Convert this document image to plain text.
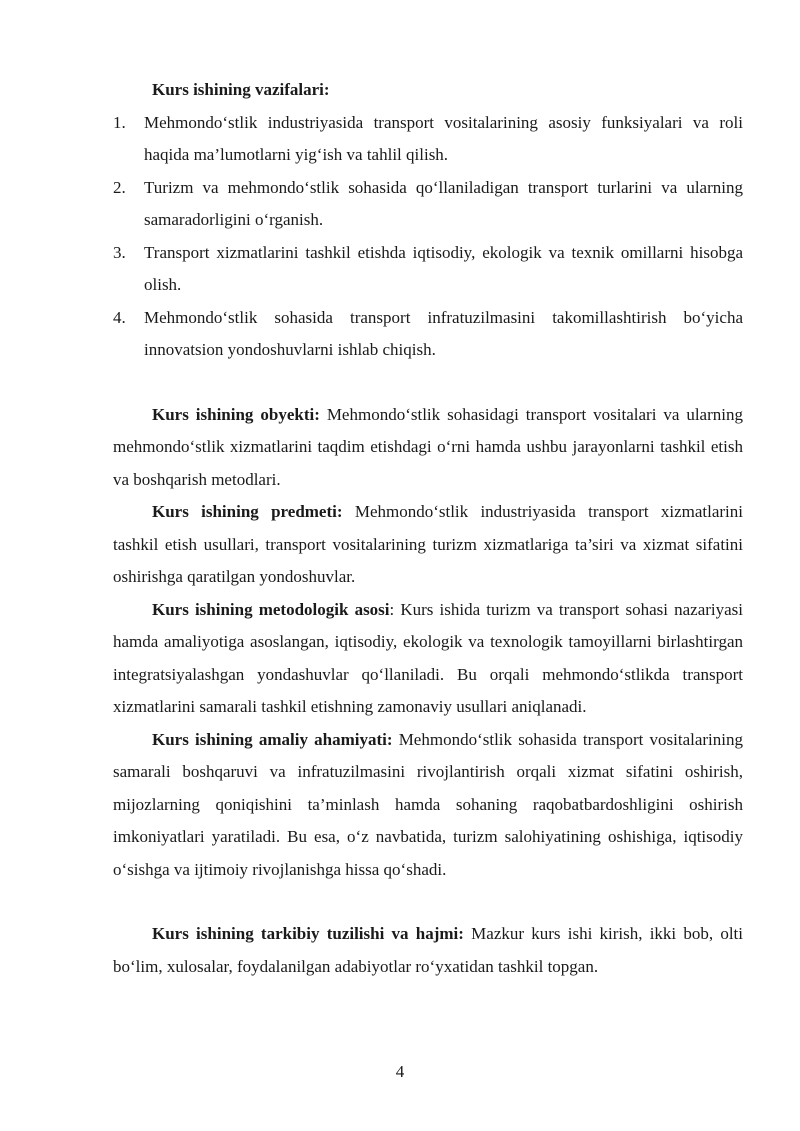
Kurs ishining vazifalari:

1. Mehmondo‘stlik industriyasida transport vositalarining asosiy funksiyalari va roli haqida ma’lumotlarni yig‘ish va tahlil qilish.
2. Turizm va mehmondo‘stlik sohasida qo‘llaniladigan transport turlarini va ularning samaradorligini o‘rganish.
3. Transport xizmatlarini tashkil etishda iqtisodiy, ekologik va texnik omillarni hisobga olish.
4. Mehmondo‘stlik sohasida transport infratuzilmasini takomillashtirish bo‘yicha innovatsion yondoshuvlarni ishlab chiqish.

Kurs ishining obyekti: Mehmondo‘stlik sohasidagi transport vositalari va ularning mehmondo‘stlik xizmatlarini taqdim etishdagi o‘rni hamda ushbu jarayonlarni tashkil etish va boshqarish metodlari.

Kurs ishining predmeti: Mehmondo‘stlik industriyasida transport xizmatlarini tashkil etish usullari, transport vositalarining turizm xizmatlariga ta’siri va xizmat sifatini oshirishga qaratilgan yondoshuvlar.

Kurs ishining metodologik asosi: Kurs ishida turizm va transport sohasi nazariyasi hamda amaliyotiga asoslangan, iqtisodiy, ekologik va texnologik tamoyillarni birlashtirgan integratsiyalashgan yondashuvlar qo‘llaniladi. Bu orqali mehmondo‘stlikda transport xizmatlarini samarali tashkil etishning zamonaviy usullari aniqlanadi.

Kurs ishining amaliy ahamiyati: Mehmondo‘stlik sohasida transport vositalarining samarali boshqaruvi va infratuzilmasini rivojlantirish orqali xizmat sifatini oshirish, mijozlarning qoniqishini ta’minlash hamda sohaning raqobatbardoshligini oshirish imkoniyatlari yaratiladi. Bu esa, o‘z navbatida, turizm salohiyatining oshishiga, iqtisodiy o‘sishga va ijtimoiy rivojlanishga hissa qo‘shadi.

Kurs ishining tarkibiy tuzilishi va hajmi: Mazkur kurs ishi kirish, ikki bob, olti bo‘lim, xulosalar, foydalanilgan adabiyotlar ro‘yxatidan tashkil topgan.

4
